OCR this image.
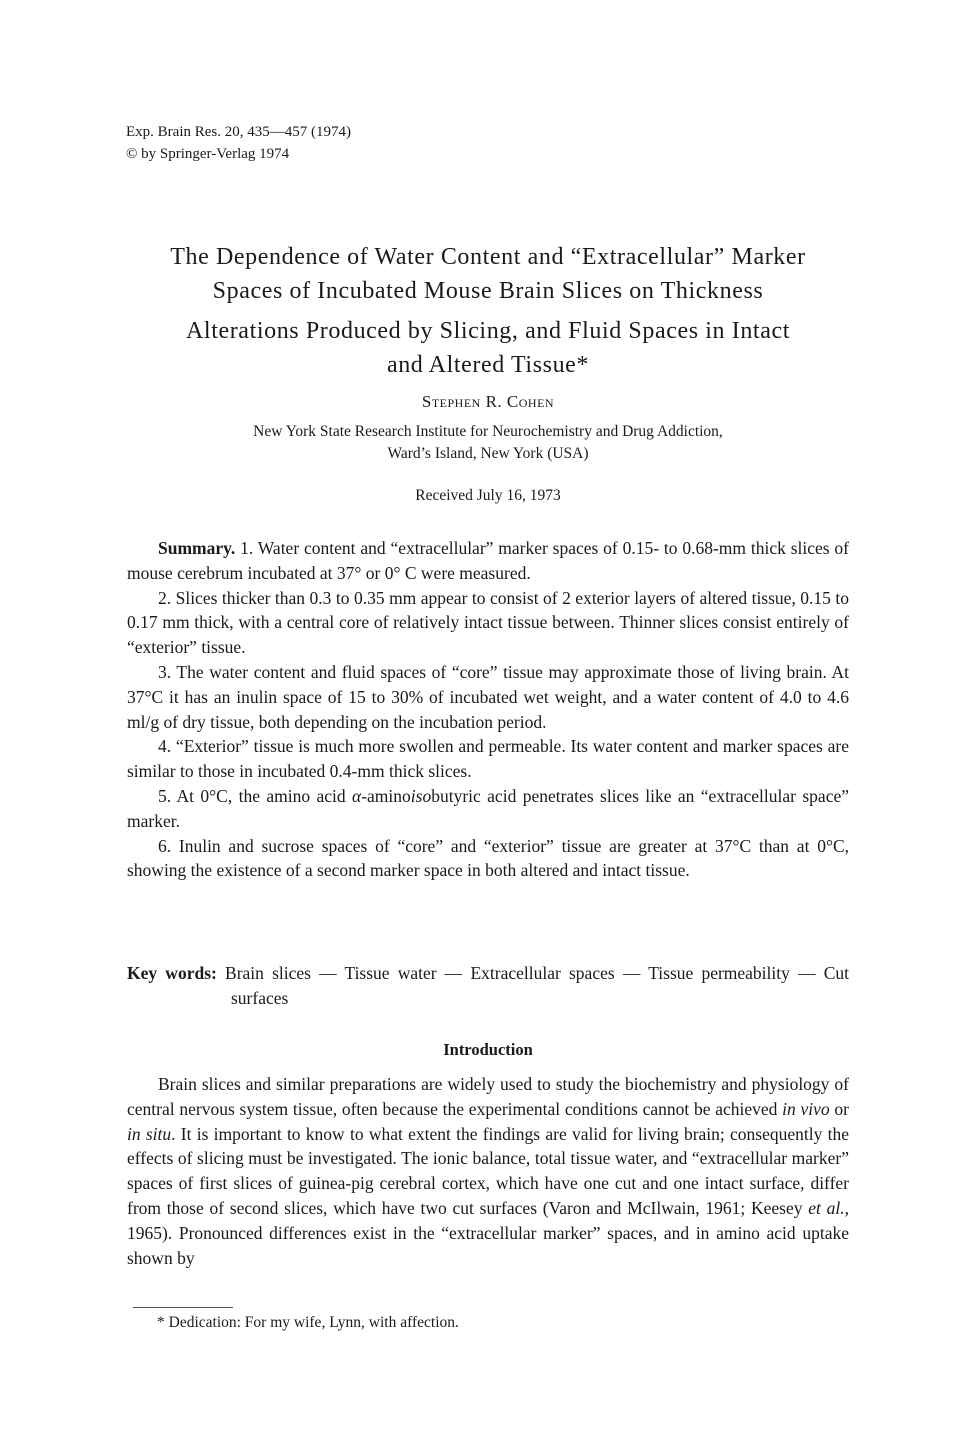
Exp. Brain Res. 20, 435—457 (1974)
© by Springer-Verlag 1974
The Dependence of Water Content and “Extracellular” Marker
Spaces of Incubated Mouse Brain Slices on Thickness
Alterations Produced by Slicing, and Fluid Spaces in Intact
and Altered Tissue*
Stephen R. Cohen
New York State Research Institute for Neurochemistry and Drug Addiction,
Ward’s Island, New York (USA)
Received July 16, 1973

Summary. 1. Water content and “extracellular” marker spaces of 0.15- to 0.68-mm thick slices of mouse cerebrum incubated at 37° or 0° C were measured.

2. Slices thicker than 0.3 to 0.35 mm appear to consist of 2 exterior layers of altered tissue, 0.15 to 0.17 mm thick, with a central core of relatively intact tissue between. Thinner slices consist entirely of “exterior” tissue.

3. The water content and fluid spaces of “core” tissue may approximate those of living brain. At 37°C it has an inulin space of 15 to 30% of incubated wet weight, and a water content of 4.0 to 4.6 ml/g of dry tissue, both depending on the incubation period.

4. “Exterior” tissue is much more swollen and permeable. Its water content and marker spaces are similar to those in incubated 0.4-mm thick slices.

5. At 0°C, the amino acid α-aminoisobutyric acid penetrates slices like an “extracellular space” marker.

6. Inulin and sucrose spaces of “core” and “exterior” tissue are greater at 37°C than at 0°C, showing the existence of a second marker space in both altered and intact tissue.

Key words: Brain slices — Tissue water — Extracellular spaces — Tissue permeability — Cut surfaces
Introduction

Brain slices and similar preparations are widely used to study the biochemistry and physiology of central nervous system tissue, often because the experimental conditions cannot be achieved in vivo or in situ. It is important to know to what extent the findings are valid for living brain; consequently the effects of slicing must be investigated. The ionic balance, total tissue water, and “extracellular marker” spaces of first slices of guinea-pig cerebral cortex, which have one cut and one intact surface, differ from those of second slices, which have two cut surfaces (Varon and McIlwain, 1961; Keesey et al., 1965). Pronounced differences exist in the “extracellular marker” spaces, and in amino acid uptake shown by

* Dedication: For my wife, Lynn, with affection.
